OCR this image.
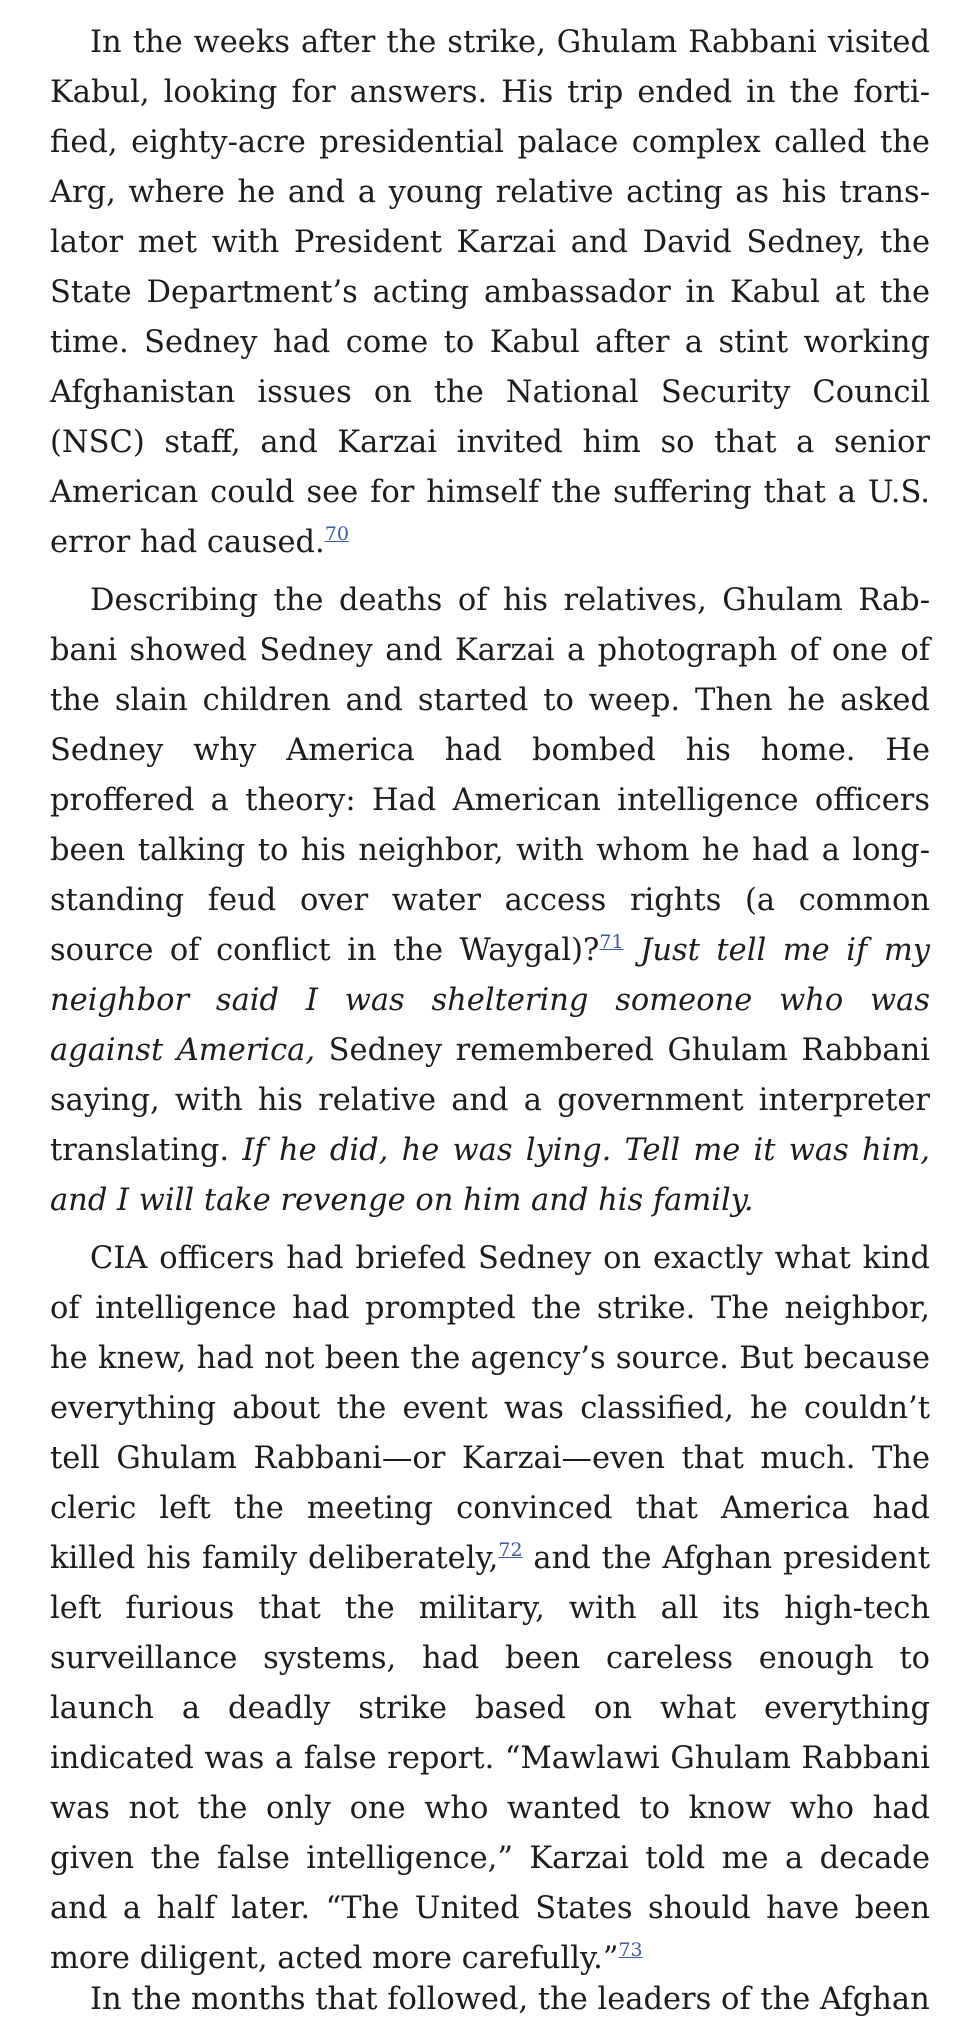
In the weeks after the strike, Ghulam Rabbani visited Kabul, looking for answers. His trip ended in the fortified, eighty-acre presidential palace complex called the Arg, where he and a young relative acting as his translator met with President Karzai and David Sedney, the State Department’s acting ambassador in Kabul at the time. Sedney had come to Kabul after a stint working Afghanistan issues on the National Security Council (NSC) staff, and Karzai invited him so that a senior American could see for himself the suffering that a U.S. error had caused.$^{70}$

Describing the deaths of his relatives, Ghulam Rabbani showed Sedney and Karzai a photograph of one of the slain children and started to weep. Then he asked Sedney why America had bombed his home. He proffered a theory: Had American intelligence officers been talking to his neighbor, with whom he had a long-standing feud over water access rights (a common source of conflict in the Waygal)?$^{71}$ Just tell me if my neighbor said I was sheltering someone who was against America, Sedney remembered Ghulam Rabbani saying, with his relative and a government interpreter translating. If he did, he was lying. Tell me it was him, and I will take revenge on him and his family.

CIA officers had briefed Sedney on exactly what kind of intelligence had prompted the strike. The neighbor, he knew, had not been the agency’s source. But because everything about the event was classified, he couldn’t tell Ghulam Rabbani—or Karzai—even that much. The cleric left the meeting convinced that America had killed his family deliberately,$^{72}$ and the Afghan president left furious that the military, with all its high-tech surveillance systems, had been careless enough to launch a deadly strike based on what everything indicated was a false report. “Mawlawi Ghulam Rabbani was not the only one who wanted to know who had given the false intelligence,” Karzai told me a decade and a half later. “The United States should have been more diligent, acted more carefully.”$^{73}$

In the months that followed, the leaders of the Afghan
